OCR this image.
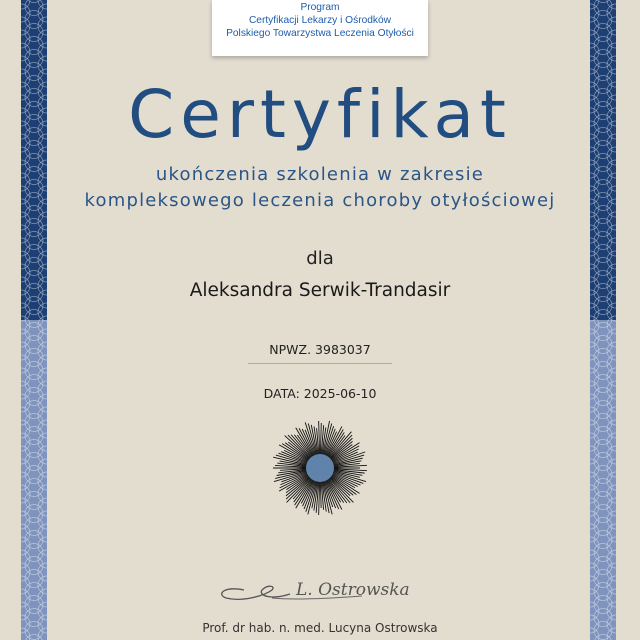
Program
Certyfikacji Lekarzy i Ośrodków
Polskiego Towarzystwa Leczenia Otyłości
Certyfikat
ukończenia szkolenia w zakresie
kompleksowego leczenia choroby otyłościowej
dla
Aleksandra Serwik-Trandasir
NPWZ. 3983037
DATA: 2025-06-10
L. Ostrowska
Prof. dr hab. n. med. Lucyna Ostrowska
